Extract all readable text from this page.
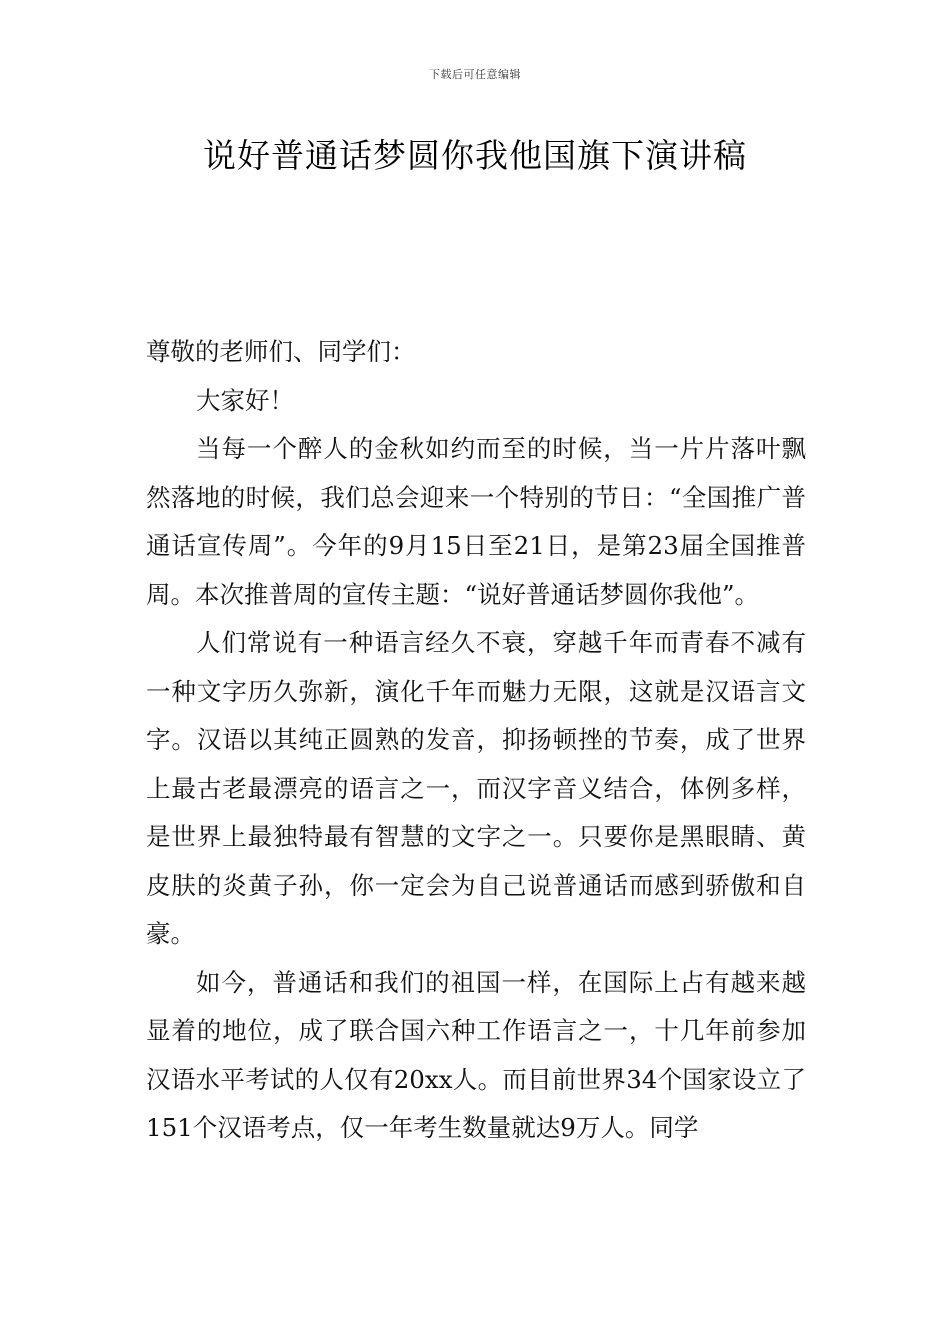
下载后可任意编辑
说好普通话梦圆你我他国旗下演讲稿

尊敬的老师们、同学们：

大家好！

当每一个醉人的金秋如约而至的时候，当一片片落叶飘然落地的时候，我们总会迎来一个特别的节日：“全国推广普通话宣传周”。今年的9月15日至21日，是第23届全国推普周。本次推普周的宣传主题：“说好普通话梦圆你我他”。

人们常说有一种语言经久不衰，穿越千年而青春不减有一种文字历久弥新，演化千年而魅力无限，这就是汉语言文字。汉语以其纯正圆熟的发音，抑扬顿挫的节奏，成了世界上最古老最漂亮的语言之一，而汉字音义结合，体例多样，是世界上最独特最有智慧的文字之一。只要你是黑眼睛、黄皮肤的炎黄子孙，你一定会为自己说普通话而感到骄傲和自豪。

如今，普通话和我们的祖国一样，在国际上占有越来越显着的地位，成了联合国六种工作语言之一，十几年前参加汉语水平考试的人仅有20xx人。而目前世界34个国家设立了151个汉语考点，仅一年考生数量就达9万人。同学
